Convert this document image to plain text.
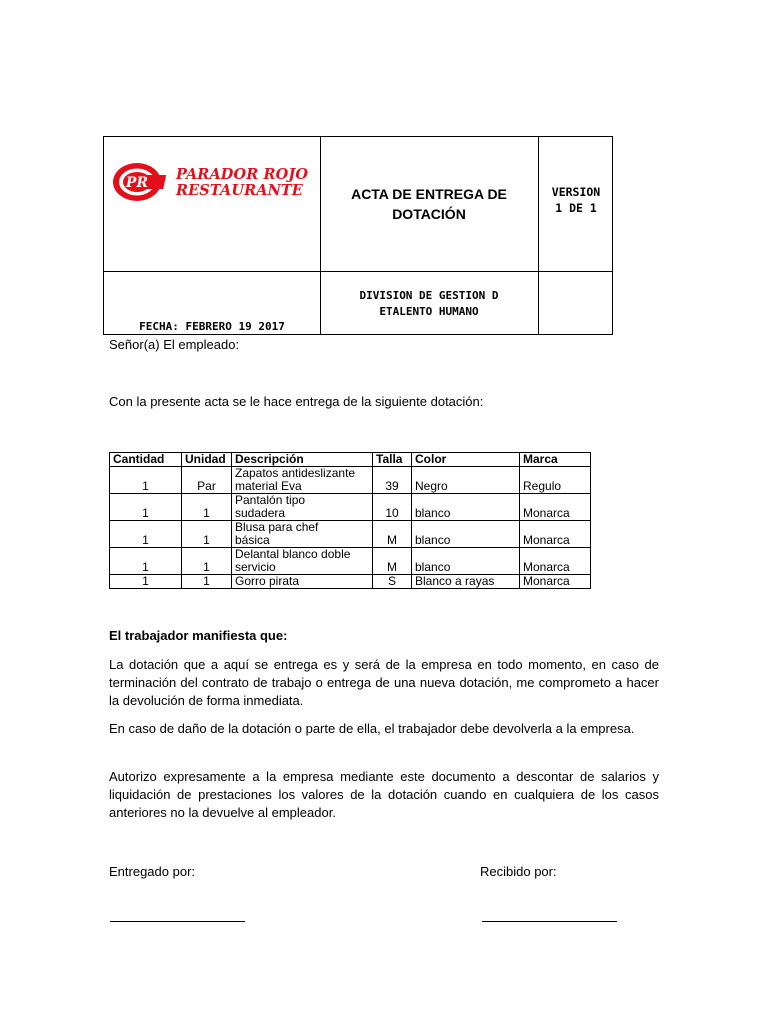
PR PARADOR ROJO
RESTAURANTE	ACTA DE ENTREGA DE
DOTACIÓN
VERSION
1 DE 1
DIVISION DE GESTION D
ETALENTO HUMANO
FECHA: FEBRERO 19 2017
Señor(a) El empleado:
Con la presente acta se le hace entrega de la siguiente dotación:
Cantidad	Unidad	Descripción	Talla	Color	Marca
1	Par	Zapatos antideslizante
material Eva	39	Negro	Regulo
1	1	Pantalón tipo
sudadera	10	blanco	Monarca
1	1	Blusa para chef
básica	M	blanco	Monarca
1	1	Delantal blanco doble
servicio	M	blanco	Monarca
1	1	Gorro pirata	S	Blanco a rayas	Monarca
El trabajador manifiesta que:
La dotación que a aquí se entrega es y será de la empresa en todo momento, en caso de terminación del contrato de trabajo o entrega de una nueva dotación, me comprometo a hacer la devolución de forma inmediata.
En caso de daño de la dotación o parte de ella, el trabajador debe devolverla a la empresa.
Autorizo expresamente a la empresa mediante este documento a descontar de salarios y liquidación de prestaciones los valores de la dotación cuando en cualquiera de los casos anteriores no la devuelve al empleador.
Entregado por:	Recibido por:
